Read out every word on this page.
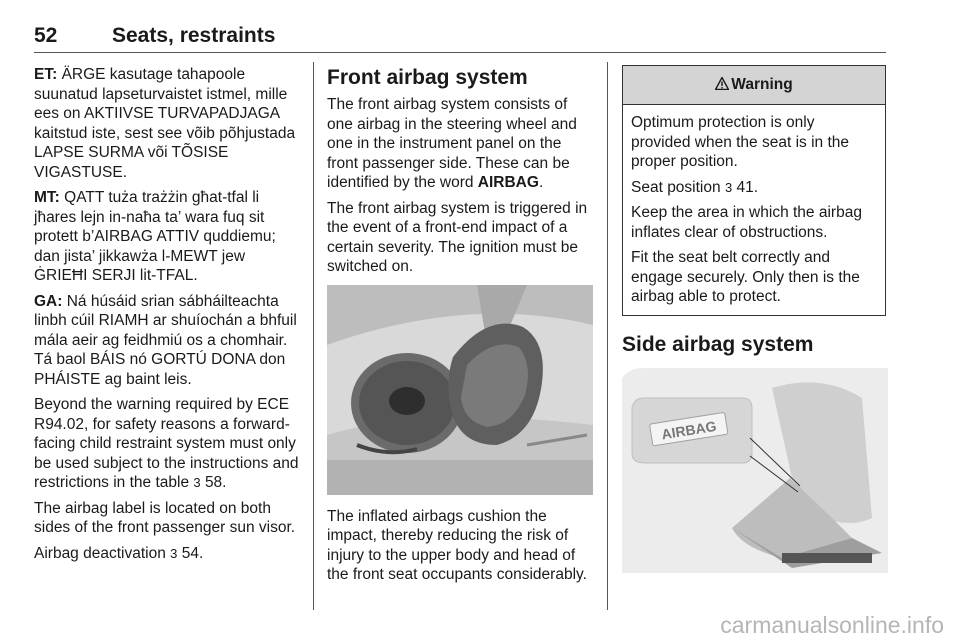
52	Seats, restraints

ET: ÄRGE kasutage tahapoole suunatud lapseturvaistet istmel, mille ees on AKTIIVSE TURVAPADJAGA kaitstud iste, sest see võib põhjustada LAPSE SURMA või TÕSISE VIGASTUSE.

MT: QATT tuża trażżin għat-tfal li jħares lejn in-naħa ta’ wara fuq sit protett b’AIRBAG ATTIV quddiemu; dan jista’ jikkawża l-MEWT jew ĠRIEĦI SERJI lit-TFAL.

GA: Ná húsáid srian sábháilteachta linbh cúil RIAMH ar shuíochán a bhfuil mála aeir ag feidhmiú os a chomhair. Tá baol BÁIS nó GORTÚ DONA don PHÁISTE ag baint leis.

Beyond the warning required by ECE R94.02, for safety reasons a forward-facing child restraint system must only be used subject to the instructions and restrictions in the table 3 58.

The airbag label is located on both sides of the front passenger sun visor.

Airbag deactivation 3 54.

Front airbag system

The front airbag system consists of one airbag in the steering wheel and one in the instrument panel on the front passenger side. These can be identified by the word AIRBAG.

The front airbag system is triggered in the event of a front-end impact of a certain severity. The ignition must be switched on.

The inflated airbags cushion the impact, thereby reducing the risk of injury to the upper body and head of the front seat occupants considerably.

Warning

Optimum protection is only provided when the seat is in the proper position.

Seat position 3 41.

Keep the area in which the airbag inflates clear of obstructions.

Fit the seat belt correctly and engage securely. Only then is the airbag able to protect.

Side airbag system
AIRBAG
carmanualsonline.info
